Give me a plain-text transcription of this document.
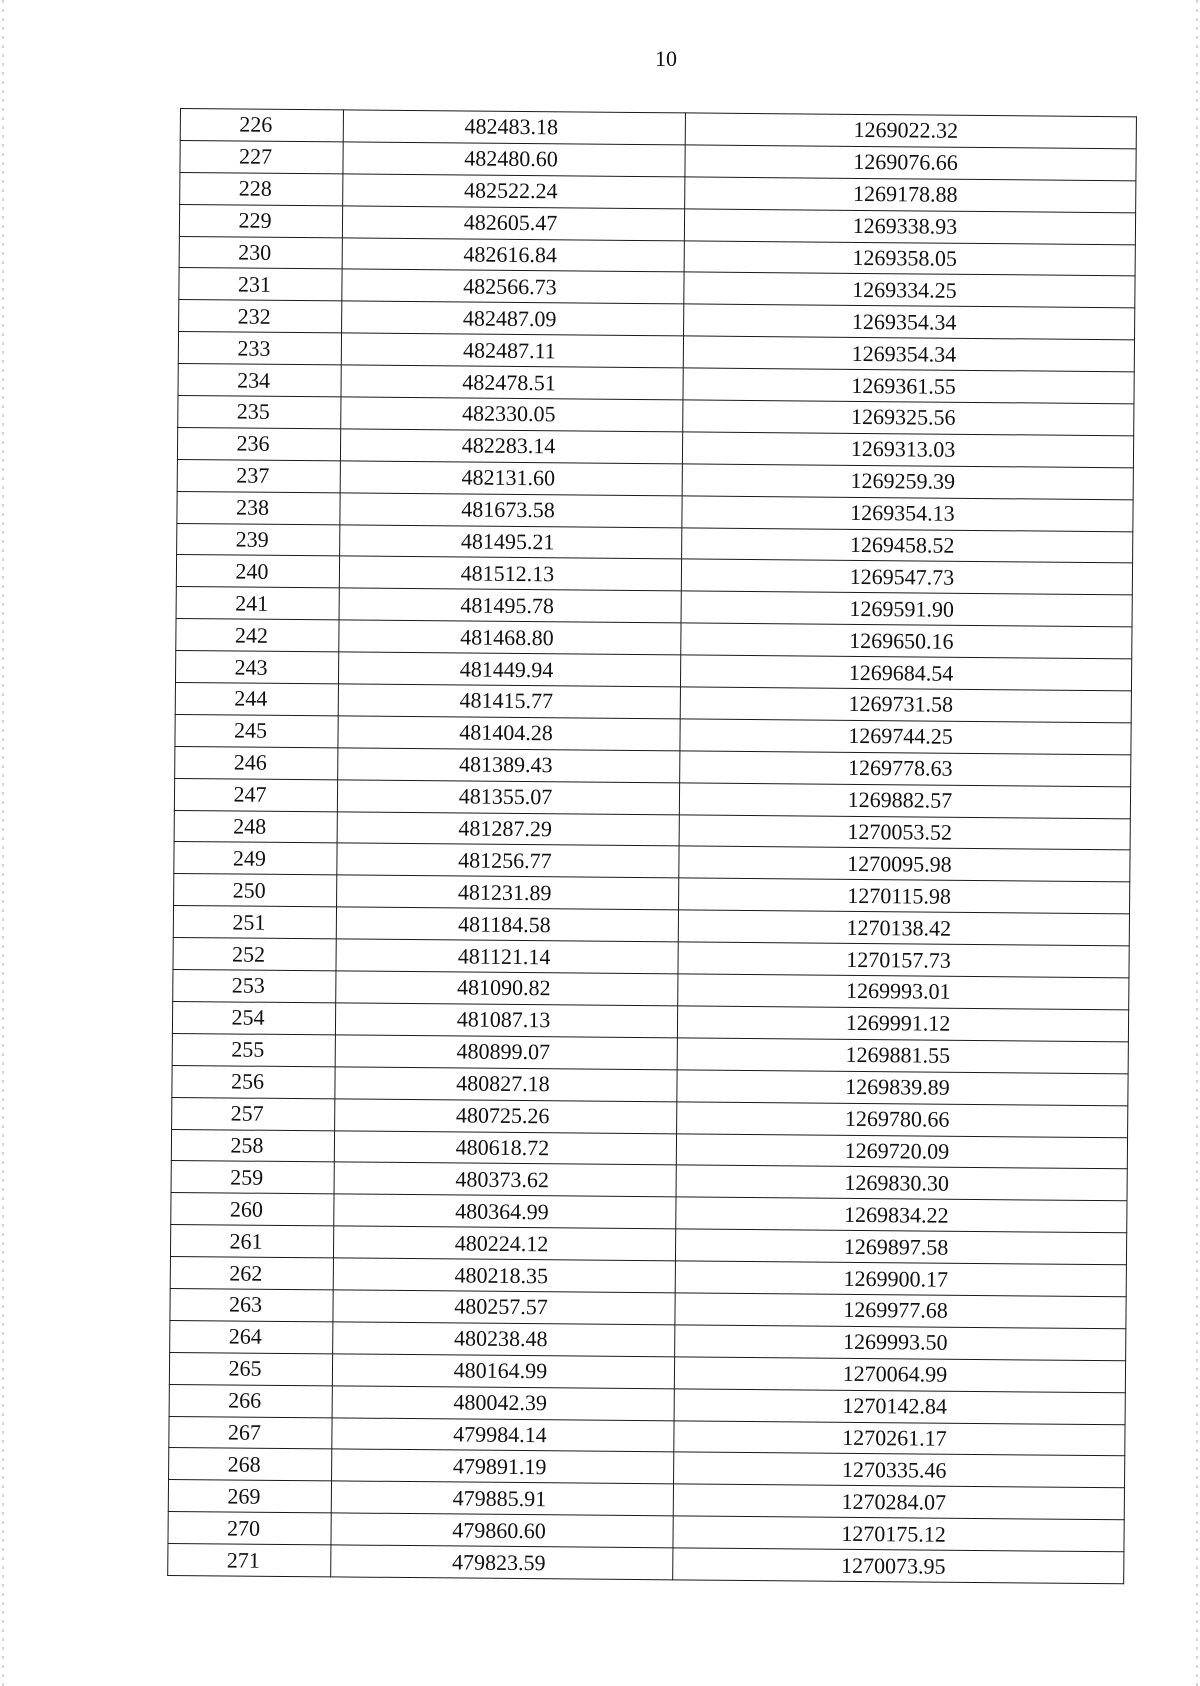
10
226	482483.18	1269022.32
227	482480.60	1269076.66
228	482522.24	1269178.88
229	482605.47	1269338.93
230	482616.84	1269358.05
231	482566.73	1269334.25
232	482487.09	1269354.34
233	482487.11	1269354.34
234	482478.51	1269361.55
235	482330.05	1269325.56
236	482283.14	1269313.03
237	482131.60	1269259.39
238	481673.58	1269354.13
239	481495.21	1269458.52
240	481512.13	1269547.73
241	481495.78	1269591.90
242	481468.80	1269650.16
243	481449.94	1269684.54
244	481415.77	1269731.58
245	481404.28	1269744.25
246	481389.43	1269778.63
247	481355.07	1269882.57
248	481287.29	1270053.52
249	481256.77	1270095.98
250	481231.89	1270115.98
251	481184.58	1270138.42
252	481121.14	1270157.73
253	481090.82	1269993.01
254	481087.13	1269991.12
255	480899.07	1269881.55
256	480827.18	1269839.89
257	480725.26	1269780.66
258	480618.72	1269720.09
259	480373.62	1269830.30
260	480364.99	1269834.22
261	480224.12	1269897.58
262	480218.35	1269900.17
263	480257.57	1269977.68
264	480238.48	1269993.50
265	480164.99	1270064.99
266	480042.39	1270142.84
267	479984.14	1270261.17
268	479891.19	1270335.46
269	479885.91	1270284.07
270	479860.60	1270175.12
271	479823.59	1270073.95
